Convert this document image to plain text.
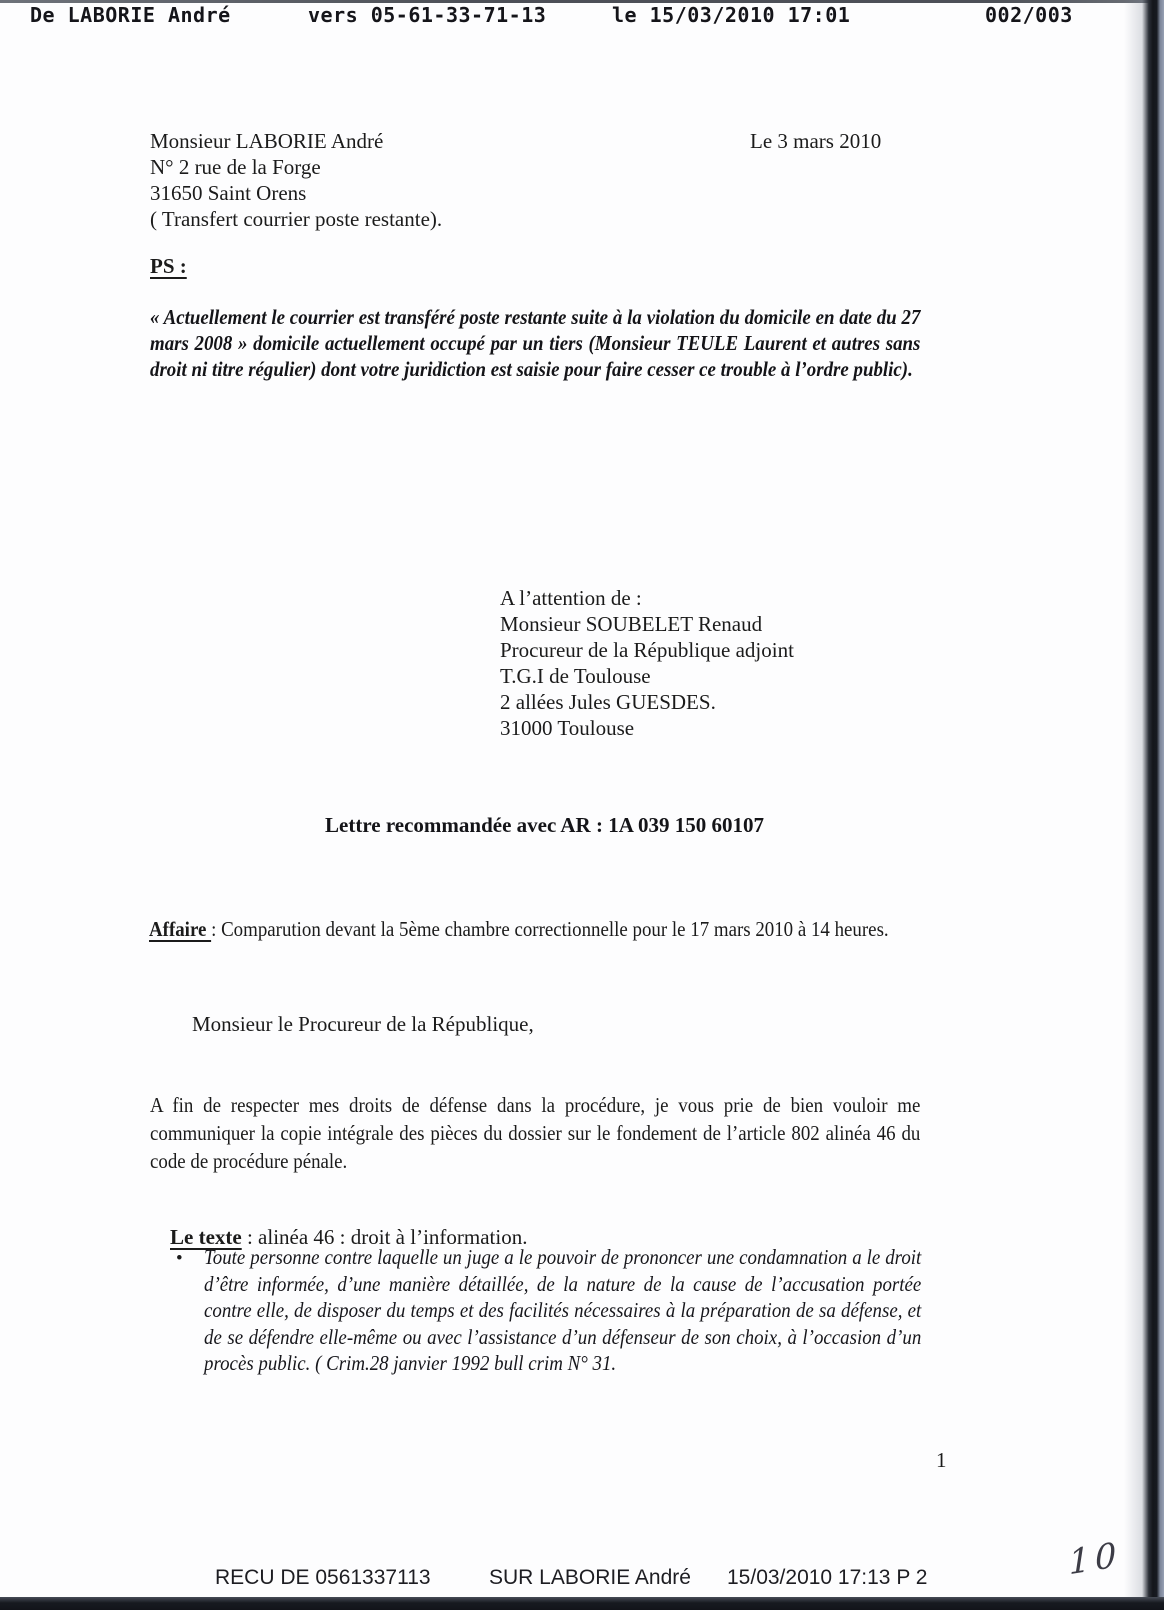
De LABORIE André	vers 05-61-33-71-13	le 15/03/2010 17:01	002/003
Monsieur LABORIE André
N° 2 rue de la Forge
31650 Saint Orens
( Transfert courrier poste restante).
Le 3 mars 2010
PS :
« Actuellement le courrier est transféré poste restante suite à la violation du domicile en date du 27 mars 2008 » domicile actuellement occupé par un tiers (Monsieur TEULE Laurent et autres sans droit ni titre régulier) dont votre juridiction est saisie pour faire cesser ce trouble à l’ordre public).
A l’attention de :
Monsieur SOUBELET Renaud
Procureur de la République adjoint
T.G.I de Toulouse
2 allées Jules GUESDES.
31000 Toulouse
Lettre recommandée avec AR : 1A 039 150 60107
Affaire : Comparution devant la 5ème chambre correctionnelle pour le 17 mars 2010 à 14 heures.
Monsieur le Procureur de la République,
A fin de respecter mes droits de défense dans la procédure, je vous prie de bien vouloir me communiquer la copie intégrale des pièces du dossier sur le fondement de l’article 802 alinéa 46 du code de procédure pénale.

Le texte : alinéa 46 : droit à l’information.

• Toute personne contre laquelle un juge a le pouvoir de prononcer une condamnation a le droit d’être informée, d’une manière détaillée, de la nature de la cause de l’accusation portée contre elle, de disposer du temps et des facilités nécessaires à la préparation de sa défense, et de se défendre elle-même ou avec l’assistance d’un défenseur de son choix, à l’occasion d’un procès public. ( Crim.28 janvier 1992 bull crim N° 31.
1
RECU DE 0561337113	SUR LABORIE André 15/03/2010 17:13 P 2	10
